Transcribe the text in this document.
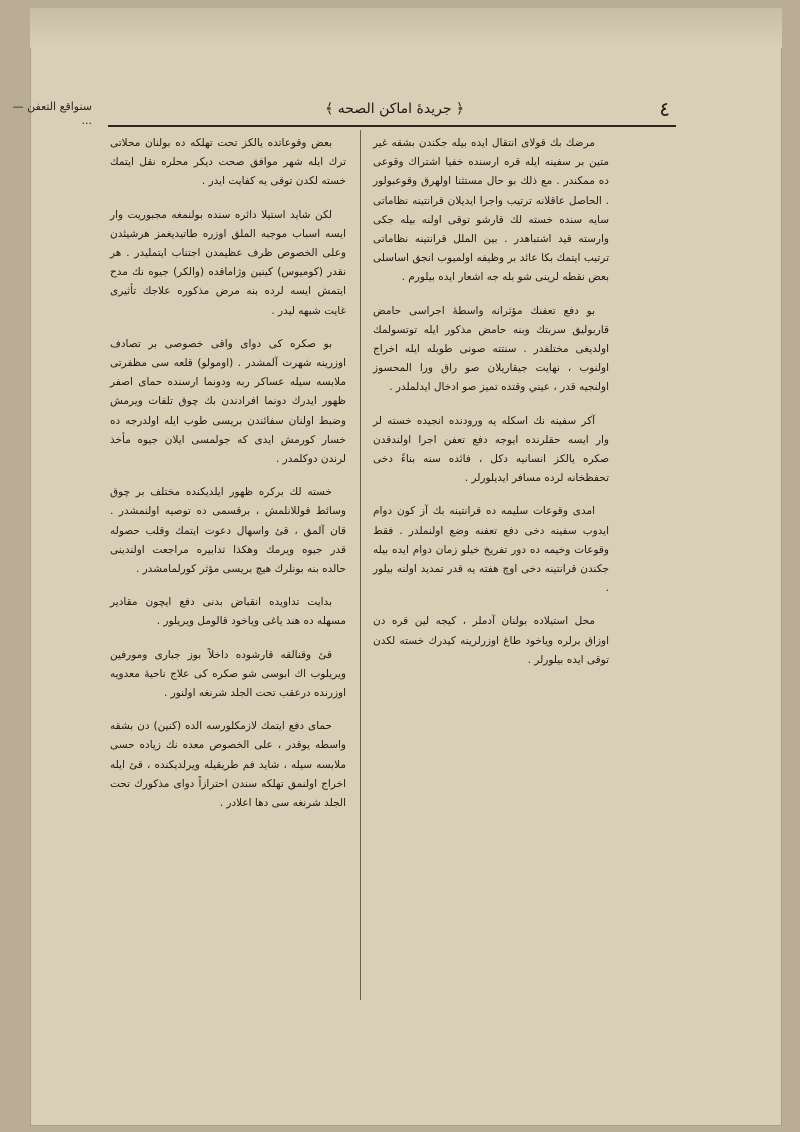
سنواقع التعفن — ...	٤
﴿ جريدهٔ اماكن الصحه ﴾

مرضك بك قولاى انتقال ايده بيله جكندن بشقه غير متين بر سفينه ايله قره ارسنده خفيا اشتراك وقوعى ده ممكندر . مع ذلك بو حال مستثنا اولهرق وقوعبولور . الحاصل عاقلانه ترتيب واجرا ايديلان قرانتينه نظاماتى سايه سنده خسته لك قارشو توقى اولنه بيله جكى وارسته قيد اشتباهدر . بين الملل قرانتينه نظاماتى ترتيب ايتمك بكا عائد بر وظيفه اولميوب انجق اساسلى بعض نقطه لرينى شو بله جه اشعار ايده بيلورم .

بو دفع تعفنك مؤثرانه واسطهٔ اجراسى حامض قاربوليق سربتك وبنه حامض مذكور ايله توتسولمك اولديغى مختلفدر . سنتته صونى طوبله ايله اخراج اولنوب ، نهايت جيقاريلان صو راق ورا المحسوز اولنجيه قدر ، عيني وقتده تميز صو ادخال ايدلملدر .

آكر سفينه نك اسكله يه ورودنده انجيده خسته لر وار ايسه حقلرنده ايوجه دفع تعفن اجرا اولندقدن صكره يالكز انسانيه دكل ، فائده سنه بناءً دخى تحفظخانه لرده مسافر ايديلورلر .

امدى وقوعات سليمه ده قرانتينه بك آز كون دوام ايدوب سفينه دخى دفع تعفنه وضع اولنملدر . فقط وقوعات وخيمه ده دور تفريخ خيلو زمان دوام ايده بيله جكندن قرانتينه دخى اوچ هفته يه قدر تمديد اولنه بيلور .

محل استيلاده بولنان آدملر ، كيجه لين قره دن اوزاق برلره وياخود طاغ اوزرلرينه كيدرك خسته لكدن توقى ايده بيلورلر .

بعض وقوعاتده يالكز تحت تهلكه ده بولنان محلاتى ترك ايله شهر موافق صحت ديكر محلره نقل ايتمك خسته لكدن توقى يه كفايت ايدر .

لكن شايد استيلا دائره سنده بولنمغه مجبوريت وار ايسه اسباب موجبه الملق اوزره طاتيديغمز هرشيئدن وعلى الخصوص ظرف عظيمدن اجتناب ايتمليدر . هر نقدر (كوميوس) كينين وژاماقده (والكر) جيوه نك مدح ايتمش ايسه لرده بنه مرض مذكوره علاجك تأثيرى غايت شبهه ليدر .

بو صكره كى دواى واقى خصوصى بر تصادف اوزرينه شهرت آلمشدر . (اومولو) قلعه سى مظفرتى ملابسه سيله عساكر ربه ودونما ارسنده حماى اصفر ظهور ايدرك دونما افرادندن بك چوق تلفات ويرمش وضبط اولنان سفائندن بريسى طوب ايله اولدرجه ده خسار كورمش ايدى كه جولمسى ايلان جيوه مأخذ لرندن دوكلمدر .

خسته لك بركره ظهور ايلديكنده مختلف بر چوق وسائط قوللانلمش ، برقسمى ده توصيه اولنمشدر . قان آلمق ، قئ واسهال دعوت ايتمك وقلب حصوله قدر جيوه ويرمك وهكذا تدابيره مراجعت اولندينى حالده بنه بونلرك هيچ بريسى مؤثر كورلمامشدر .

بدايت تداويده انقباض بدنى دفع ايچون مقادير مسهله ده هند ياغى وياخود قالومل ويريلور .

قئ وقنالقه قارشوده داخلاً بوز جبارى ومورفين ويريلوب اك ابوسى شو صكره كى علاج ناحيهٔ معدويه اوزرنده درعقب تحت الجلد شرنغه اولنور .

حماى دفع ايتمك لازمكلورسه الده (كنين) دن بشقه واسطه يوقدر ، على الخصوص معده نك زياده حسى ملابسه سيله ، شايد فم طريقيله ويرلديكنده ، قئ ايله اخراج اولنمق تهلكه سندن احترازاً دواى مذكورك تحت الجلد شرنغه سى دها اعلادر .
